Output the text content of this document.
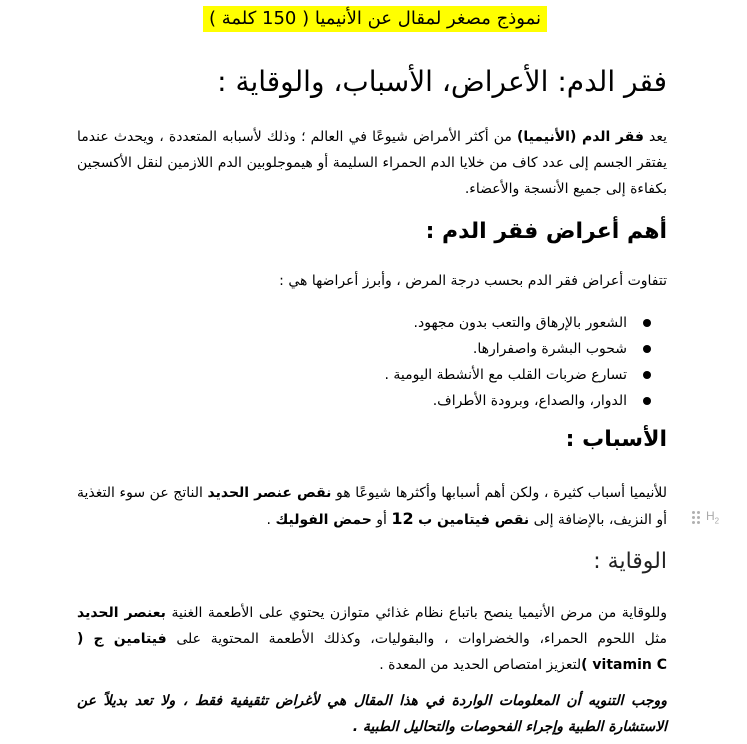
نموذج مصغر لمقال عن الأنيميا ( 150 كلمة )
فقر الدم: الأعراض، الأسباب، والوقاية :
يعد فقر الدم (الأنيميا) من أكثر الأمراض شيوعًا في العالم ؛ وذلك لأسبابه المتعددة ، ويحدث عندما يفتقر الجسم إلى عدد كاف من خلايا الدم الحمراء السليمة أو هيموجلوبين الدم اللازمين لنقل الأكسجين بكفاءة إلى جميع الأنسجة والأعضاء.
أهم أعراض فقر الدم :
تتفاوت أعراض فقر الدم بحسب درجة المرض ، وأبرز أعراضها هي :
الشعور بالإرهاق والتعب بدون مجهود.
شحوب البشرة واصفرارها.
تسارع ضربات القلب مع الأنشطة اليومية .
الدوار، والصداع، وبرودة الأطراف.
الأسباب :
للأنيميا أسباب كثيرة ، ولكن أهم أسبابها وأكثرها شيوعًا هو نقص عنصر الحديد الناتج عن سوء التغذية أو النزيف، بالإضافة إلى نقص فيتامين ب 12 أو حمض الفوليك .
الوقاية :
وللوقاية من مرض الأنيميا ينصح باتباع نظام غذائي متوازن يحتوي على الأطعمة الغنية بعنصر الحديد مثل اللحوم الحمراء، والخضراوات ، والبقوليات، وكذلك الأطعمة المحتوية على فيتامين ج ( vitamin C )لتعزيز امتصاص الحديد من المعدة .
ووجب التنويه أن المعلومات الواردة في هذا المقال هي لأغراض تثقيفية فقط ، ولا تعد بديلاً عن الاستشارة الطبية وإجراء الفحوصات والتحاليل الطبية .
$H_2$
